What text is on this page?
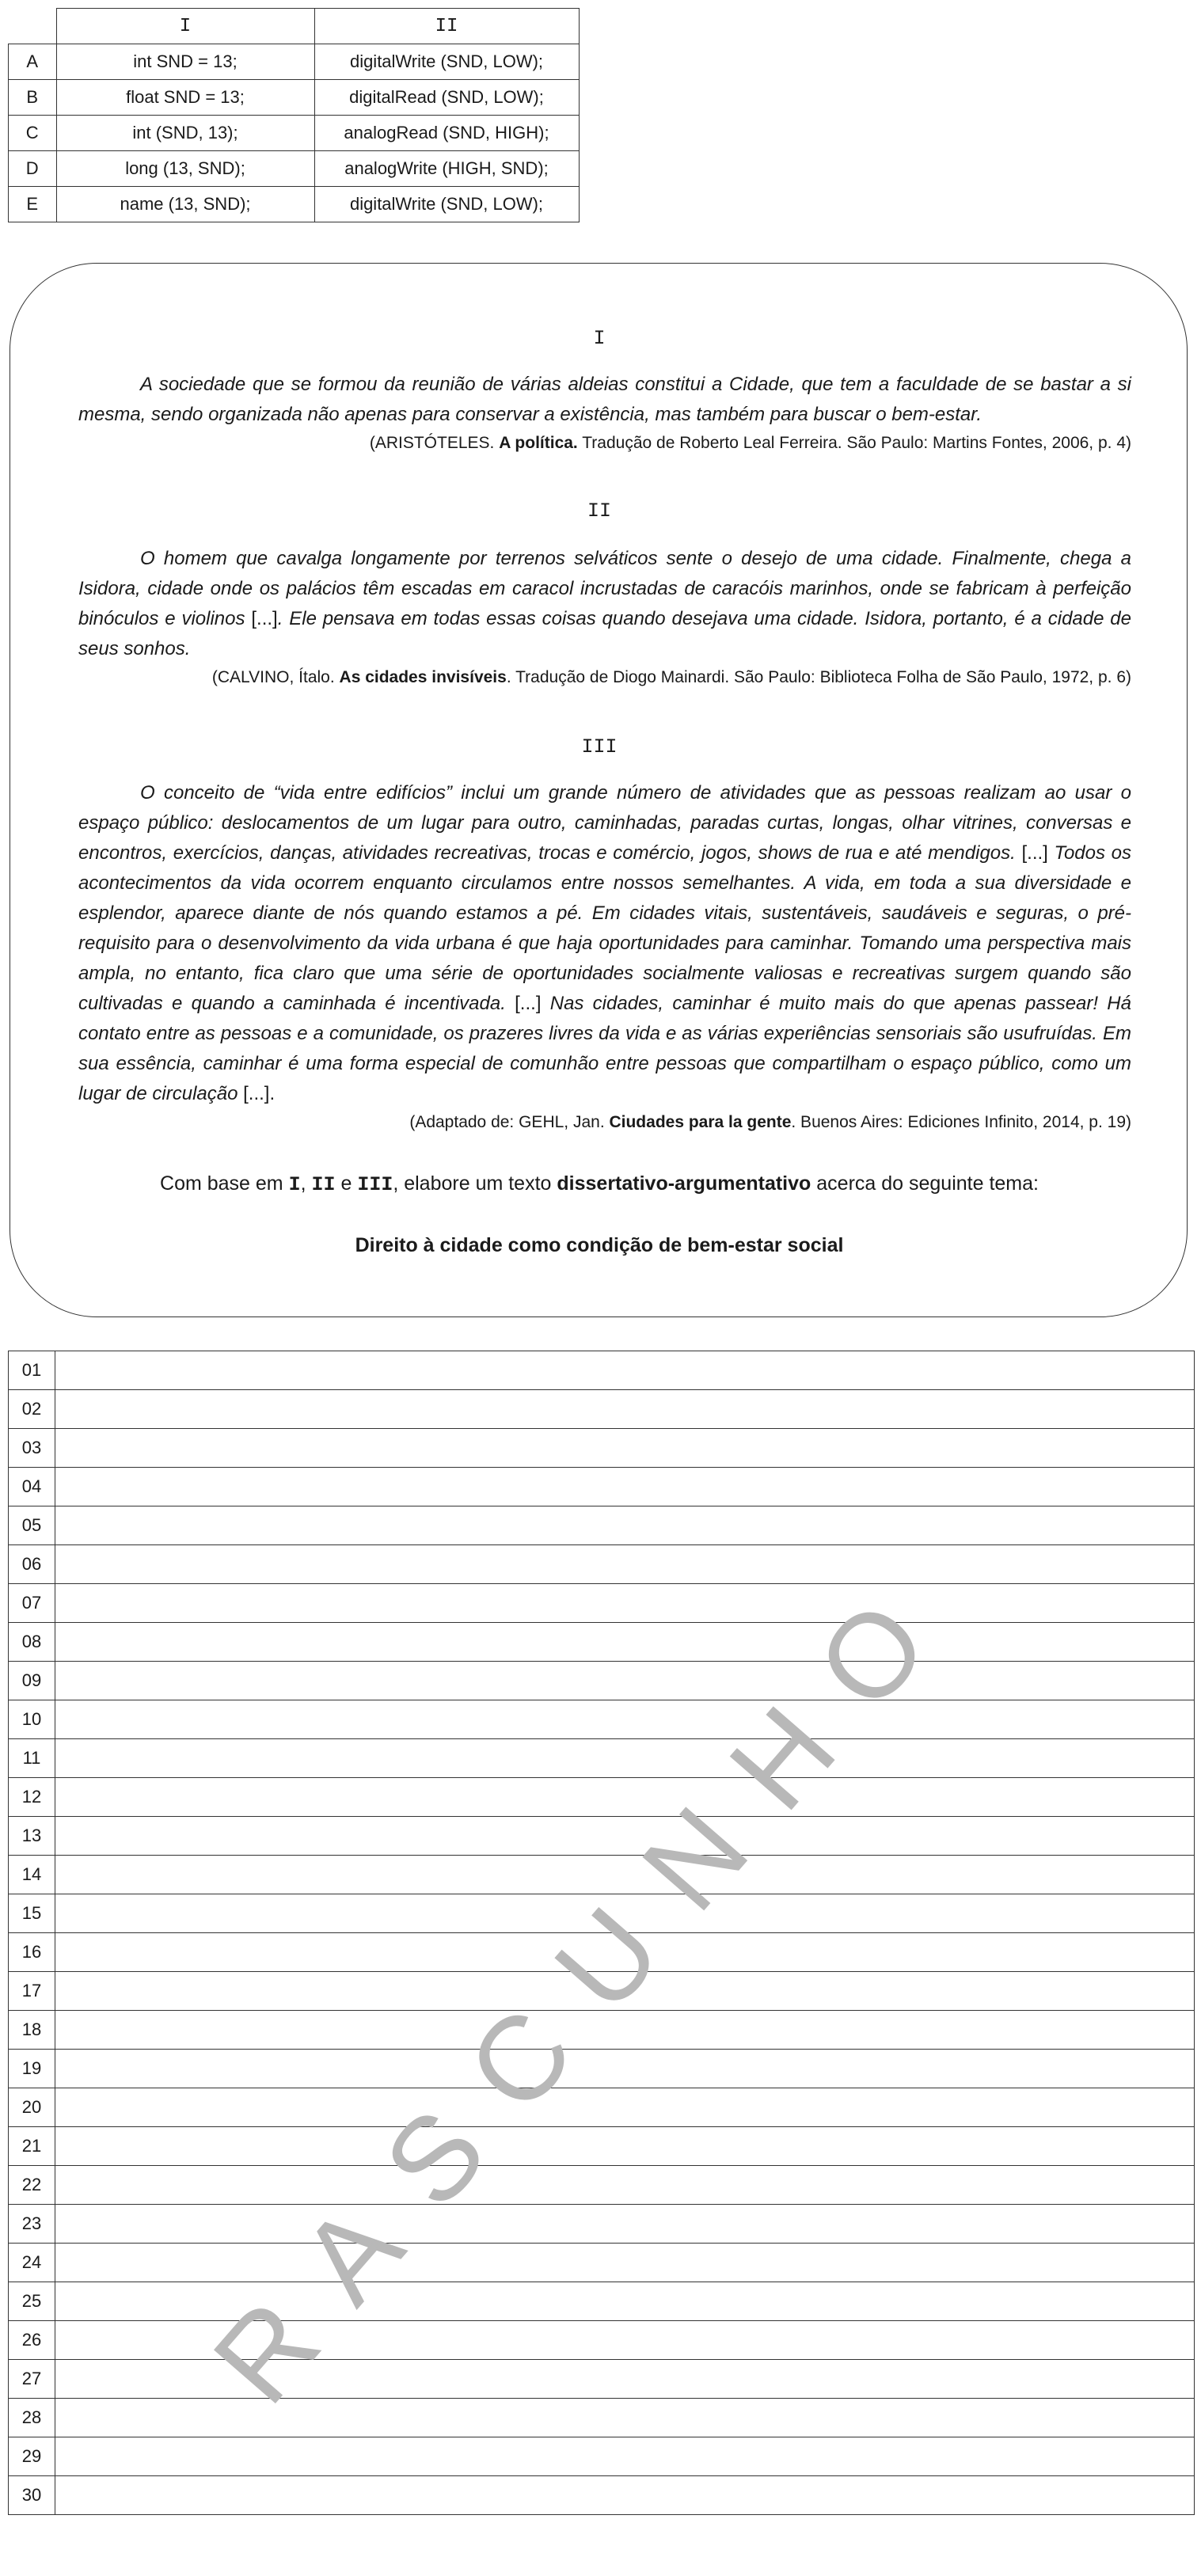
	I	II
A	int SND = 13;	digitalWrite (SND, LOW);
B	float SND = 13;	digitalRead (SND, LOW);
C	int (SND, 13);	analogRead (SND, HIGH);
D	long (13, SND);	analogWrite (HIGH, SND);
E	name (13, SND);	digitalWrite (SND, LOW);
I

A sociedade que se formou da reunião de várias aldeias constitui a Cidade, que tem a faculdade de se bastar a si mesma, sendo organizada não apenas para conservar a existência, mas também para buscar o bem-estar.

(ARISTÓTELES. A política. Tradução de Roberto Leal Ferreira. São Paulo: Martins Fontes, 2006, p. 4)

II

O homem que cavalga longamente por terrenos selváticos sente o desejo de uma cidade. Finalmente, chega a Isidora, cidade onde os palácios têm escadas em caracol incrustadas de caracóis marinhos, onde se fabricam à perfeição binóculos e violinos [...]. Ele pensava em todas essas coisas quando desejava uma cidade. Isidora, portanto, é a cidade de seus sonhos.

(CALVINO, Ítalo. As cidades invisíveis. Tradução de Diogo Mainardi. São Paulo: Biblioteca Folha de São Paulo, 1972, p. 6)

III

O conceito de “vida entre edifícios” inclui um grande número de atividades que as pessoas realizam ao usar o espaço público: deslocamentos de um lugar para outro, caminhadas, paradas curtas, longas, olhar vitrines, conversas e encontros, exercícios, danças, atividades recreativas, trocas e comércio, jogos, shows de rua e até mendigos. [...] Todos os acontecimentos da vida ocorrem enquanto circulamos entre nossos semelhantes. A vida, em toda a sua diversidade e esplendor, aparece diante de nós quando estamos a pé. Em cidades vitais, sustentáveis, saudáveis e seguras, o pré-requisito para o desenvolvimento da vida urbana é que haja oportunidades para caminhar. Tomando uma perspectiva mais ampla, no entanto, fica claro que uma série de oportunidades socialmente valiosas e recreativas surgem quando são cultivadas e quando a caminhada é incentivada. [...] Nas cidades, caminhar é muito mais do que apenas passear! Há contato entre as pessoas e a comunidade, os prazeres livres da vida e as várias experiências sensoriais são usufruídas. Em sua essência, caminhar é uma forma especial de comunhão entre pessoas que compartilham o espaço público, como um lugar de circulação [...].

(Adaptado de: GEHL, Jan. Ciudades para la gente. Buenos Aires: Ediciones Infinito, 2014, p. 19)

Com base em I, II e III, elabore um texto dissertativo-argumentativo acerca do seguinte tema:
Direito à cidade como condição de bem-estar social
01	
02	
03	
04	
05	
06	
07	
08	
09	
10	
11	
12	
13	
14	
15	
16	
17	
18	
19	
20	
21	
22	
23	
24	
25	
26	
27	
28	
29	
30	
RASCUNHO
